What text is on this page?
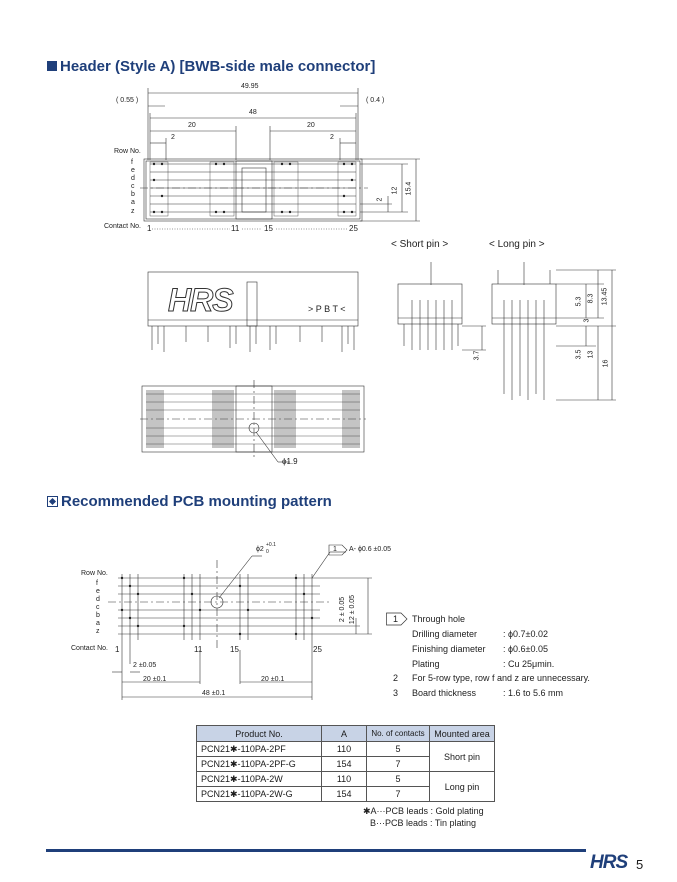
Header (Style A) [BWB-side male connector]
49.95
( 0.55 )	( 0.4 )
48
20	20
2	2
Row No.
f
e
d
c
b
a
z
Contact No. 1	11	15	25
2
12 15.4
< Short pin >	< Long pin >
HRS	> P B T <
3.7
5.3 8.3 13.45
3
3.5 13
16
ϕ1.9
Recommended PCB mounting pattern
ϕ2
+0.1
0	1 A- ϕ0.6 ±0.05
Row No.
f
e
d
c
b
a
z
Contact No. 1	11	15	25
2 ± 0.05 12 ± 0.05
2 ±0.05
20 ±0.1	20 ±0.1
48 ±0.1
1 Through hole
Drilling diameter	: ϕ0.7±0.02
Finishing diameter : ϕ0.6±0.05
Plating	: Cu 25μmin.
2 For 5-row type, row f and z are unnecessary.
3 Board thickness	: 1.6 to 5.6 mm
Product No.	A	No. of contacts	Mounted area
PCN21✱-110PA-2PF	110	5	Short pin
PCN21✱-110PA-2PF-G	154	7	
PCN21✱-110PA-2W	110	5	Long pin
PCN21✱-110PA-2W-G	154	7	
✱A···PCB leads : Gold plating
B···PCB leads : Tin plating
HRS 5
